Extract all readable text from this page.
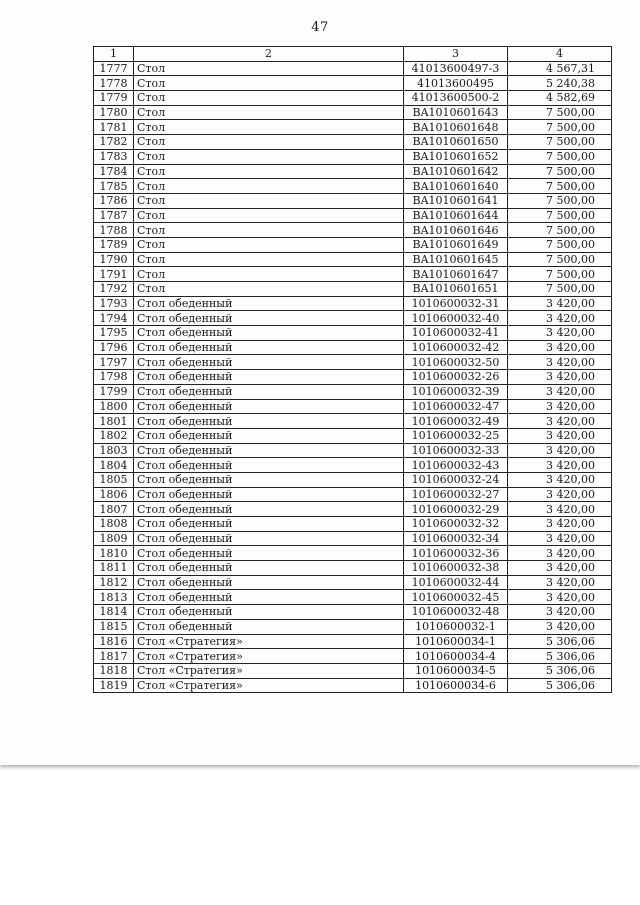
47
1	2	3	4
1777	Стол	41013600497-3	4 567,31
1778	Стол	41013600495	5 240,38
1779	Стол	41013600500-2	4 582,69
1780	Стол	BA1010601643	7 500,00
1781	Стол	BA1010601648	7 500,00
1782	Стол	BA1010601650	7 500,00
1783	Стол	BA1010601652	7 500,00
1784	Стол	BA1010601642	7 500,00
1785	Стол	BA1010601640	7 500,00
1786	Стол	BA1010601641	7 500,00
1787	Стол	BA1010601644	7 500,00
1788	Стол	BA1010601646	7 500,00
1789	Стол	BA1010601649	7 500,00
1790	Стол	BA1010601645	7 500,00
1791	Стол	BA1010601647	7 500,00
1792	Стол	BA1010601651	7 500,00
1793	Стол обеденный	1010600032-31	3 420,00
1794	Стол обеденный	1010600032-40	3 420,00
1795	Стол обеденный	1010600032-41	3 420,00
1796	Стол обеденный	1010600032-42	3 420,00
1797	Стол обеденный	1010600032-50	3 420,00
1798	Стол обеденный	1010600032-26	3 420,00
1799	Стол обеденный	1010600032-39	3 420,00
1800	Стол обеденный	1010600032-47	3 420,00
1801	Стол обеденный	1010600032-49	3 420,00
1802	Стол обеденный	1010600032-25	3 420,00
1803	Стол обеденный	1010600032-33	3 420,00
1804	Стол обеденный	1010600032-43	3 420,00
1805	Стол обеденный	1010600032-24	3 420,00
1806	Стол обеденный	1010600032-27	3 420,00
1807	Стол обеденный	1010600032-29	3 420,00
1808	Стол обеденный	1010600032-32	3 420,00
1809	Стол обеденный	1010600032-34	3 420,00
1810	Стол обеденный	1010600032-36	3 420,00
1811	Стол обеденный	1010600032-38	3 420,00
1812	Стол обеденный	1010600032-44	3 420,00
1813	Стол обеденный	1010600032-45	3 420,00
1814	Стол обеденный	1010600032-48	3 420,00
1815	Стол обеденный	1010600032-1	3 420,00
1816	Стол «Стратегия»	1010600034-1	5 306,06
1817	Стол «Стратегия»	1010600034-4	5 306,06
1818	Стол «Стратегия»	1010600034-5	5 306,06
1819	Стол «Стратегия»	1010600034-6	5 306,06
